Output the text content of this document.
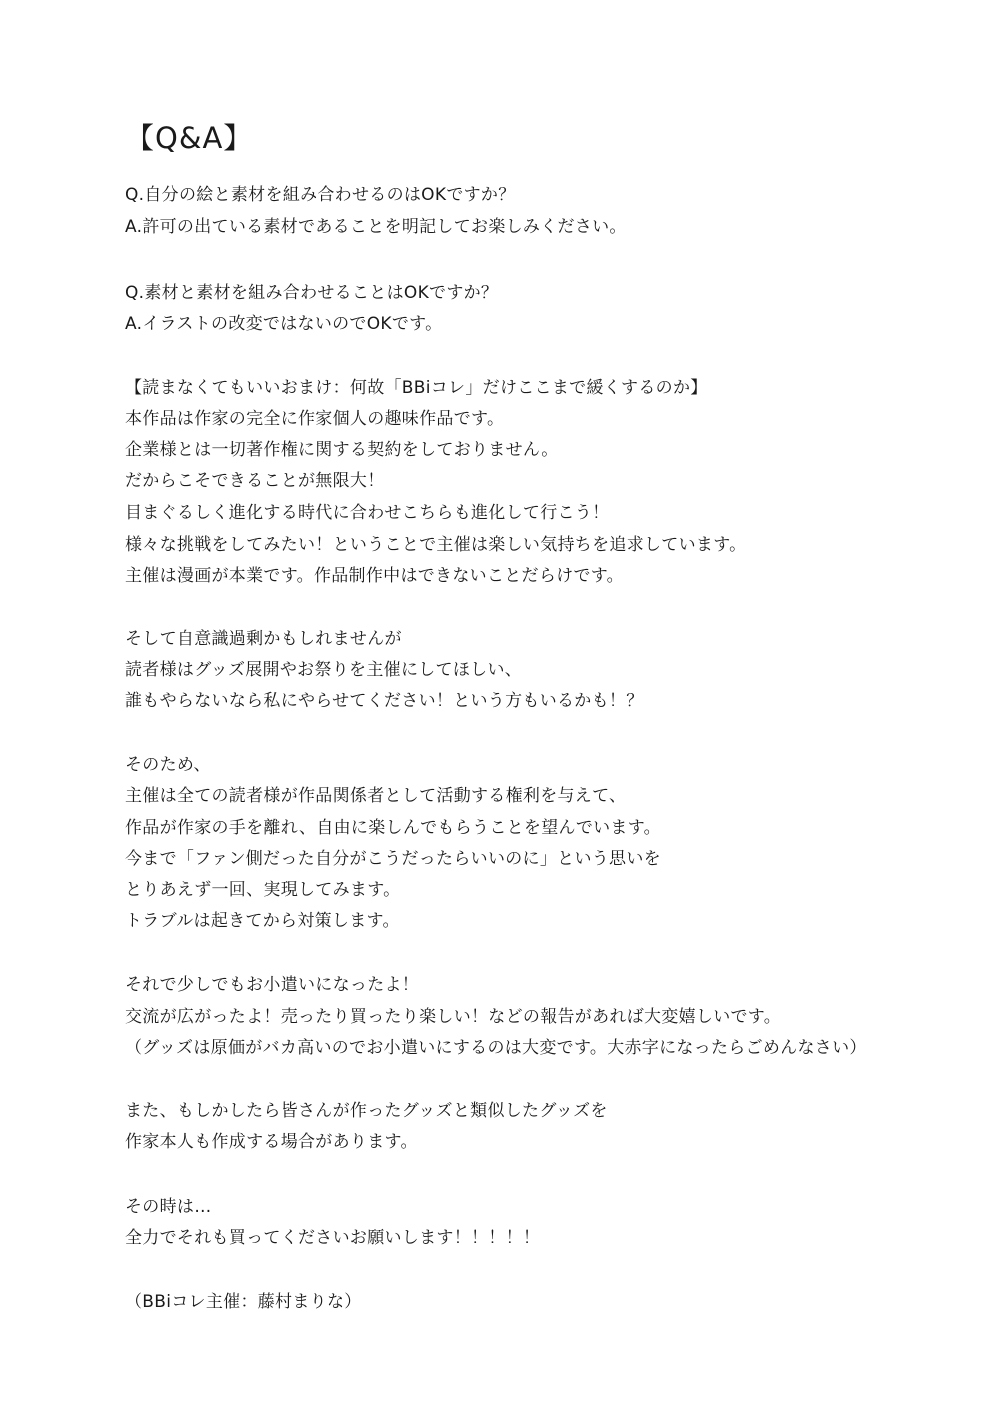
【Q&A】
Q.自分の絵と素材を組み合わせるのはOKですか？
A.許可の出ている素材であることを明記してお楽しみください。
Q.素材と素材を組み合わせることはOKですか？
A.イラストの改変ではないのでOKです。
【読まなくてもいいおまけ：何故「BBiコレ」だけここまで緩くするのか】
本作品は作家の完全に作家個人の趣味作品です。
企業様とは一切著作権に関する契約をしておりません。
だからこそできることが無限大！
目まぐるしく進化する時代に合わせこちらも進化して行こう！
様々な挑戦をしてみたい！ということで主催は楽しい気持ちを追求しています。
主催は漫画が本業です。作品制作中はできないことだらけです。
そして自意識過剰かもしれませんが
読者様はグッズ展開やお祭りを主催にしてほしい、
誰もやらないなら私にやらせてください！という方もいるかも！？
そのため、
主催は全ての読者様が作品関係者として活動する権利を与えて、
作品が作家の手を離れ、自由に楽しんでもらうことを望んでいます。
今まで「ファン側だった自分がこうだったらいいのに」という思いを
とりあえず一回、実現してみます。
トラブルは起きてから対策します。
それで少しでもお小遣いになったよ！
交流が広がったよ！売ったり買ったり楽しい！などの報告があれば大変嬉しいです。
（グッズは原価がバカ高いのでお小遣いにするのは大変です。大赤字になったらごめんなさい）
また、もしかしたら皆さんが作ったグッズと類似したグッズを
作家本人も作成する場合があります。
その時は…
全力でそれも買ってくださいお願いします！！！！！
（BBiコレ主催：藤村まりな）
